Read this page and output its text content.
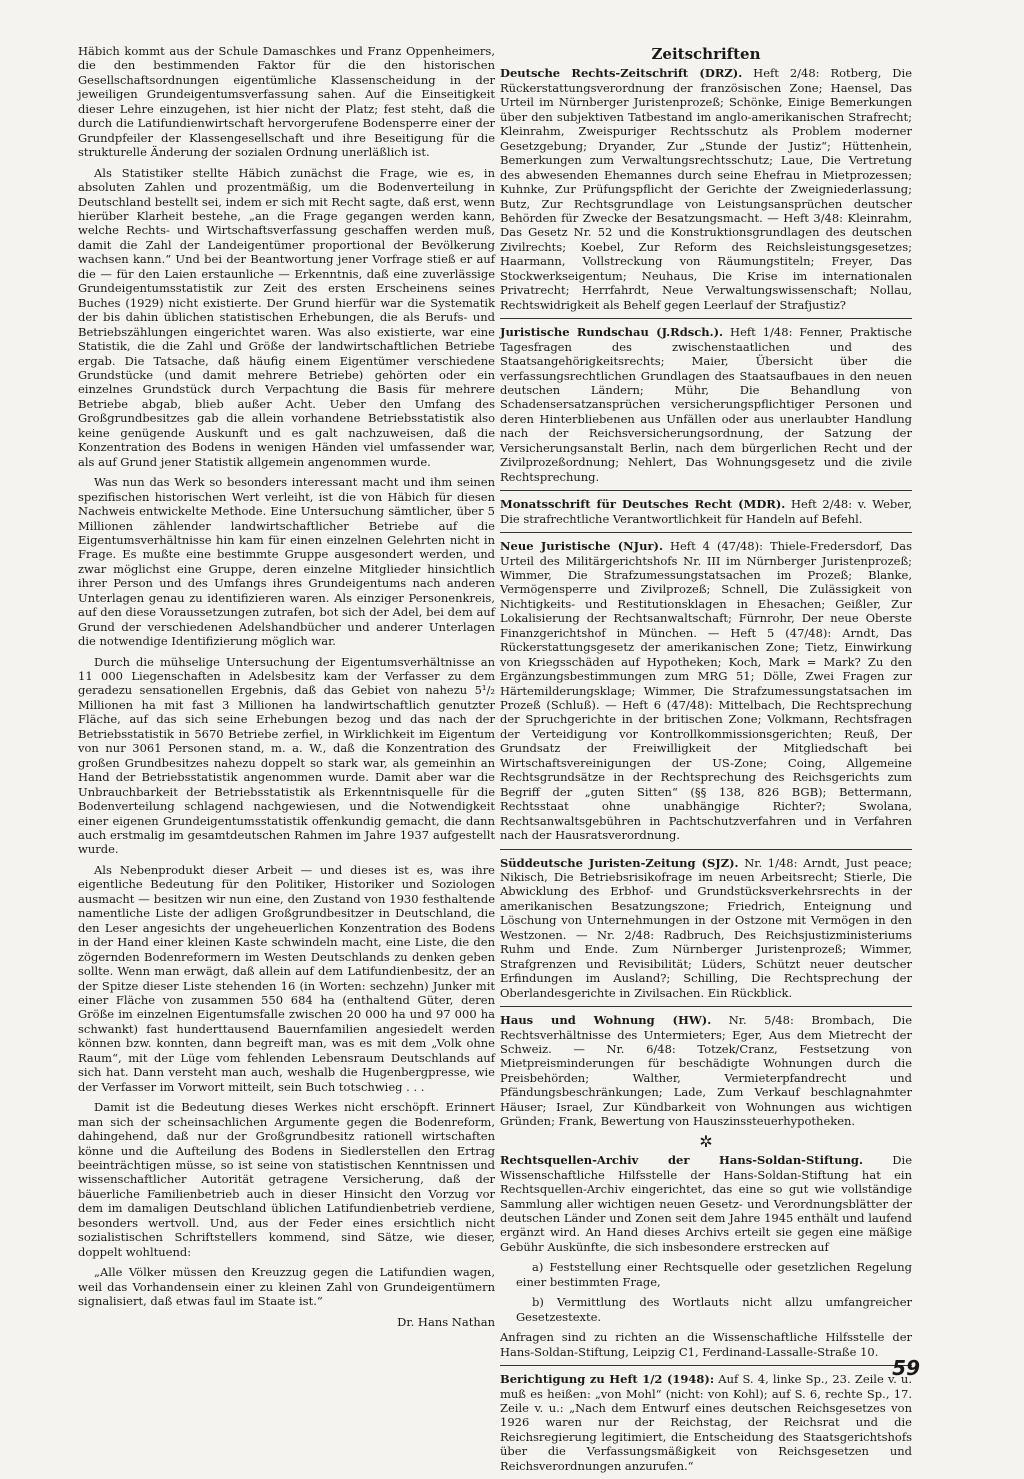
Häbich kommt aus der Schule Damaschkes und Franz Oppenheimers, die den bestimmenden Faktor für die den historischen Gesellschaftsordnungen eigentümliche Klassenscheidung in der jeweiligen Grundeigentumsverfassung sahen. Auf die Einseitigkeit dieser Lehre einzugehen, ist hier nicht der Platz; fest steht, daß die durch die Latifundienwirtschaft hervorgerufene Bodensperre einer der Grundpfeiler der Klassengesellschaft und ihre Beseitigung für die strukturelle Änderung der sozialen Ordnung unerläßlich ist.

Als Statistiker stellte Häbich zunächst die Frage, wie es, in absoluten Zahlen und prozentmäßig, um die Bodenverteilung in Deutschland bestellt sei, indem er sich mit Recht sagte, daß erst, wenn hierüber Klarheit bestehe, „an die Frage gegangen werden kann, welche Rechts- und Wirtschaftsverfassung geschaffen werden muß, damit die Zahl der Landeigentümer proportional der Bevölkerung wachsen kann.“ Und bei der Beantwortung jener Vorfrage stieß er auf die — für den Laien erstaunliche — Erkenntnis, daß eine zuverlässige Grundeigentumsstatistik zur Zeit des ersten Erscheinens seines Buches (1929) nicht existierte. Der Grund hierfür war die Systematik der bis dahin üblichen statistischen Erhebungen, die als Berufs- und Betriebszählungen eingerichtet waren. Was also existierte, war eine Statistik, die die Zahl und Größe der landwirtschaftlichen Betriebe ergab. Die Tatsache, daß häufig einem Eigentümer verschiedene Grundstücke (und damit mehrere Betriebe) gehörten oder ein einzelnes Grundstück durch Verpachtung die Basis für mehrere Betriebe abgab, blieb außer Acht. Ueber den Umfang des Großgrundbesitzes gab die allein vorhandene Betriebsstatistik also keine genügende Auskunft und es galt nachzuweisen, daß die Konzentration des Bodens in wenigen Händen viel umfassender war, als auf Grund jener Statistik allgemein angenommen wurde.

Was nun das Werk so besonders interessant macht und ihm seinen spezifischen historischen Wert verleiht, ist die von Häbich für diesen Nachweis entwickelte Methode. Eine Untersuchung sämtlicher, über 5 Millionen zählender landwirtschaftlicher Betriebe auf die Eigentumsverhältnisse hin kam für einen einzelnen Gelehrten nicht in Frage. Es mußte eine bestimmte Gruppe ausgesondert werden, und zwar möglichst eine Gruppe, deren einzelne Mitglieder hinsichtlich ihrer Person und des Umfangs ihres Grundeigentums nach anderen Unterlagen genau zu identifizieren waren. Als einziger Personenkreis, auf den diese Voraussetzungen zutrafen, bot sich der Adel, bei dem auf Grund der verschiedenen Adelshandbücher und anderer Unterlagen die notwendige Identifizierung möglich war.

Durch die mühselige Untersuchung der Eigentumsverhältnisse an 11 000 Liegenschaften in Adelsbesitz kam der Verfasser zu dem geradezu sensationellen Ergebnis, daß das Gebiet von nahezu 5¹/₂ Millionen ha mit fast 3 Millionen ha landwirtschaftlich genutzter Fläche, auf das sich seine Erhebungen bezog und das nach der Betriebsstatistik in 5670 Betriebe zerfiel, in Wirklichkeit im Eigentum von nur 3061 Personen stand, m. a. W., daß die Konzentration des großen Grundbesitzes nahezu doppelt so stark war, als gemeinhin an Hand der Betriebsstatistik angenommen wurde. Damit aber war die Unbrauchbarkeit der Betriebsstatistik als Erkenntnisquelle für die Bodenverteilung schlagend nachgewiesen, und die Notwendigkeit einer eigenen Grundeigentumsstatistik offenkundig gemacht, die dann auch erstmalig im gesamtdeutschen Rahmen im Jahre 1937 aufgestellt wurde.

Als Nebenprodukt dieser Arbeit — und dieses ist es, was ihre eigentliche Bedeutung für den Politiker, Historiker und Soziologen ausmacht — besitzen wir nun eine, den Zustand von 1930 festhaltende namentliche Liste der adligen Großgrundbesitzer in Deutschland, die den Leser angesichts der ungeheuerlichen Konzentration des Bodens in der Hand einer kleinen Kaste schwindeln macht, eine Liste, die den zögernden Bodenreformern im Westen Deutschlands zu denken geben sollte. Wenn man erwägt, daß allein auf dem Latifundienbesitz, der an der Spitze dieser Liste stehenden 16 (in Worten: sechzehn) Junker mit einer Fläche von zusammen 550 684 ha (enthaltend Güter, deren Größe im einzelnen Eigentumsfalle zwischen 20 000 ha und 97 000 ha schwankt) fast hunderttausend Bauernfamilien angesiedelt werden können bzw. konnten, dann begreift man, was es mit dem „Volk ohne Raum“, mit der Lüge vom fehlenden Lebensraum Deutschlands auf sich hat. Dann versteht man auch, weshalb die Hugenbergpresse, wie der Verfasser im Vorwort mitteilt, sein Buch totschwieg . . .

Damit ist die Bedeutung dieses Werkes nicht erschöpft. Erinnert man sich der scheinsachlichen Argumente gegen die Bodenreform, dahingehend, daß nur der Großgrundbesitz rationell wirtschaften könne und die Aufteilung des Bodens in Siedlerstellen den Ertrag beeinträchtigen müsse, so ist seine von statistischen Kenntnissen und wissenschaftlicher Autorität getragene Versicherung, daß der bäuerliche Familienbetrieb auch in dieser Hinsicht den Vorzug vor dem im damaligen Deutschland üblichen Latifundienbetrieb verdiene, besonders wertvoll. Und, aus der Feder eines ersichtlich nicht sozialistischen Schriftstellers kommend, sind Sätze, wie dieser, doppelt wohltuend:

„Alle Völker müssen den Kreuzzug gegen die Latifundien wagen, weil das Vorhandensein einer zu kleinen Zahl von Grundeigentümern signalisiert, daß etwas faul im Staate ist.“

Dr. Hans Nathan

Zeitschriften

Deutsche Rechts-Zeitschrift (DRZ). Heft 2/48: Rotberg, Die Rückerstattungsverordnung der französischen Zone; Haensel, Das Urteil im Nürnberger Juristenprozeß; Schönke, Einige Bemerkungen über den subjektiven Tatbestand im anglo-amerikanischen Strafrecht; Kleinrahm, Zweispuriger Rechtsschutz als Problem moderner Gesetzgebung; Dryander, Zur „Stunde der Justiz“; Hüttenhein, Bemerkungen zum Verwaltungsrechtsschutz; Laue, Die Vertretung des abwesenden Ehemannes durch seine Ehefrau in Mietprozessen; Kuhnke, Zur Prüfungspflicht der Gerichte der Zweigniederlassung; Butz, Zur Rechtsgrundlage von Leistungsansprüchen deutscher Behörden für Zwecke der Besatzungsmacht. — Heft 3/48: Kleinrahm, Das Gesetz Nr. 52 und die Konstruktionsgrundlagen des deutschen Zivilrechts; Koebel, Zur Reform des Reichsleistungsgesetzes; Haarmann, Vollstreckung von Räumungstiteln; Freyer, Das Stockwerkseigentum; Neuhaus, Die Krise im internationalen Privatrecht; Herrfahrdt, Neue Verwaltungswissenschaft; Nollau, Rechtswidrigkeit als Behelf gegen Leerlauf der Strafjustiz?

Juristische Rundschau (J.Rdsch.). Heft 1/48: Fenner, Praktische Tagesfragen des zwischenstaatlichen und des Staatsangehörigkeitsrechts; Maier, Übersicht über die verfassungsrechtlichen Grundlagen des Staatsaufbaues in den neuen deutschen Ländern; Mühr, Die Behandlung von Schadensersatzansprüchen versicherungspflichtiger Personen und deren Hinterbliebenen aus Unfällen oder aus unerlaubter Handlung nach der Reichsversicherungsordnung, der Satzung der Versicherungsanstalt Berlin, nach dem bürgerlichen Recht und der Zivilprozeßordnung; Nehlert, Das Wohnungsgesetz und die zivile Rechtsprechung.

Monatsschrift für Deutsches Recht (MDR). Heft 2/48: v. Weber, Die strafrechtliche Verantwortlichkeit für Handeln auf Befehl.

Neue Juristische (NJur). Heft 4 (47/48): Thiele-Fredersdorf, Das Urteil des Militärgerichtshofs Nr. III im Nürnberger Juristenprozeß; Wimmer, Die Strafzumessungstatsachen im Prozeß; Blanke, Vermögensperre und Zivilprozeß; Schnell, Die Zulässigkeit von Nichtigkeits- und Restitutionsklagen in Ehesachen; Geißler, Zur Lokalisierung der Rechtsanwaltschaft; Fürnrohr, Der neue Oberste Finanzgerichtshof in München. — Heft 5 (47/48): Arndt, Das Rückerstattungsgesetz der amerikanischen Zone; Tietz, Einwirkung von Kriegsschäden auf Hypotheken; Koch, Mark = Mark? Zu den Ergänzungsbestimmungen zum MRG 51; Dölle, Zwei Fragen zur Härtemilderungsklage; Wimmer, Die Strafzumessungstatsachen im Prozeß (Schluß). — Heft 6 (47/48): Mittelbach, Die Rechtsprechung der Spruchgerichte in der britischen Zone; Volkmann, Rechtsfragen der Verteidigung vor Kontrollkommissionsgerichten; Reuß, Der Grundsatz der Freiwilligkeit der Mitgliedschaft bei Wirtschaftsvereinigungen der US-Zone; Coing, Allgemeine Rechtsgrundsätze in der Rechtsprechung des Reichsgerichts zum Begriff der „guten Sitten“ (§§ 138, 826 BGB); Bettermann, Rechtsstaat ohne unabhängige Richter?; Swolana, Rechtsanwaltsgebühren in Pachtschutzverfahren und in Verfahren nach der Hausratsverordnung.

Süddeutsche Juristen-Zeitung (SJZ). Nr. 1/48: Arndt, Just peace; Nikisch, Die Betriebsrisikofrage im neuen Arbeitsrecht; Stierle, Die Abwicklung des Erbhof- und Grundstücksverkehrsrechts in der amerikanischen Besatzungszone; Friedrich, Enteignung und Löschung von Unternehmungen in der Ostzone mit Vermögen in den Westzonen. — Nr. 2/48: Radbruch, Des Reichsjustizministeriums Ruhm und Ende. Zum Nürnberger Juristenprozeß; Wimmer, Strafgrenzen und Revisibilität; Lüders, Schützt neuer deutscher Erfindungen im Ausland?; Schilling, Die Rechtsprechung der Oberlandesgerichte in Zivilsachen. Ein Rückblick.

Haus und Wohnung (HW). Nr. 5/48: Brombach, Die Rechtsverhältnisse des Untermieters; Eger, Aus dem Mietrecht der Schweiz. — Nr. 6/48: Totzek/Cranz, Festsetzung von Mietpreisminderungen für beschädigte Wohnungen durch die Preisbehörden; Walther, Vermieterpfandrecht und Pfändungsbeschränkungen; Lade, Zum Verkauf beschlagnahmter Häuser; Israel, Zur Kündbarkeit von Wohnungen aus wichtigen Gründen; Frank, Bewertung von Hauszinssteuerhypotheken.

✲

Rechtsquellen-Archiv der Hans-Soldan-Stiftung. Die Wissenschaftliche Hilfsstelle der Hans-Soldan-Stiftung hat ein Rechtsquellen-Archiv eingerichtet, das eine so gut wie vollständige Sammlung aller wichtigen neuen Gesetz- und Verordnungsblätter der deutschen Länder und Zonen seit dem Jahre 1945 enthält und laufend ergänzt wird. An Hand dieses Archivs erteilt sie gegen eine mäßige Gebühr Auskünfte, die sich insbesondere erstrecken auf

a) Feststellung einer Rechtsquelle oder gesetzlichen Regelung einer bestimmten Frage,

b) Vermittlung des Wortlauts nicht allzu umfangreicher Gesetzestexte.

Anfragen sind zu richten an die Wissenschaftliche Hilfsstelle der Hans-Soldan-Stiftung, Leipzig C1, Ferdinand-Lassalle-Straße 10.

Berichtigung zu Heft 1/2 (1948): Auf S. 4, linke Sp., 23. Zeile v. u. muß es heißen: „von Mohl“ (nicht: von Kohl); auf S. 6, rechte Sp., 17. Zeile v. u.: „Nach dem Entwurf eines deutschen Reichsgesetzes von 1926 waren nur der Reichstag, der Reichsrat und die Reichsregierung legitimiert, die Entscheidung des Staatsgerichtshofs über die Verfassungsmäßigkeit von Reichsgesetzen und Reichsverordnungen anzurufen.“

59
